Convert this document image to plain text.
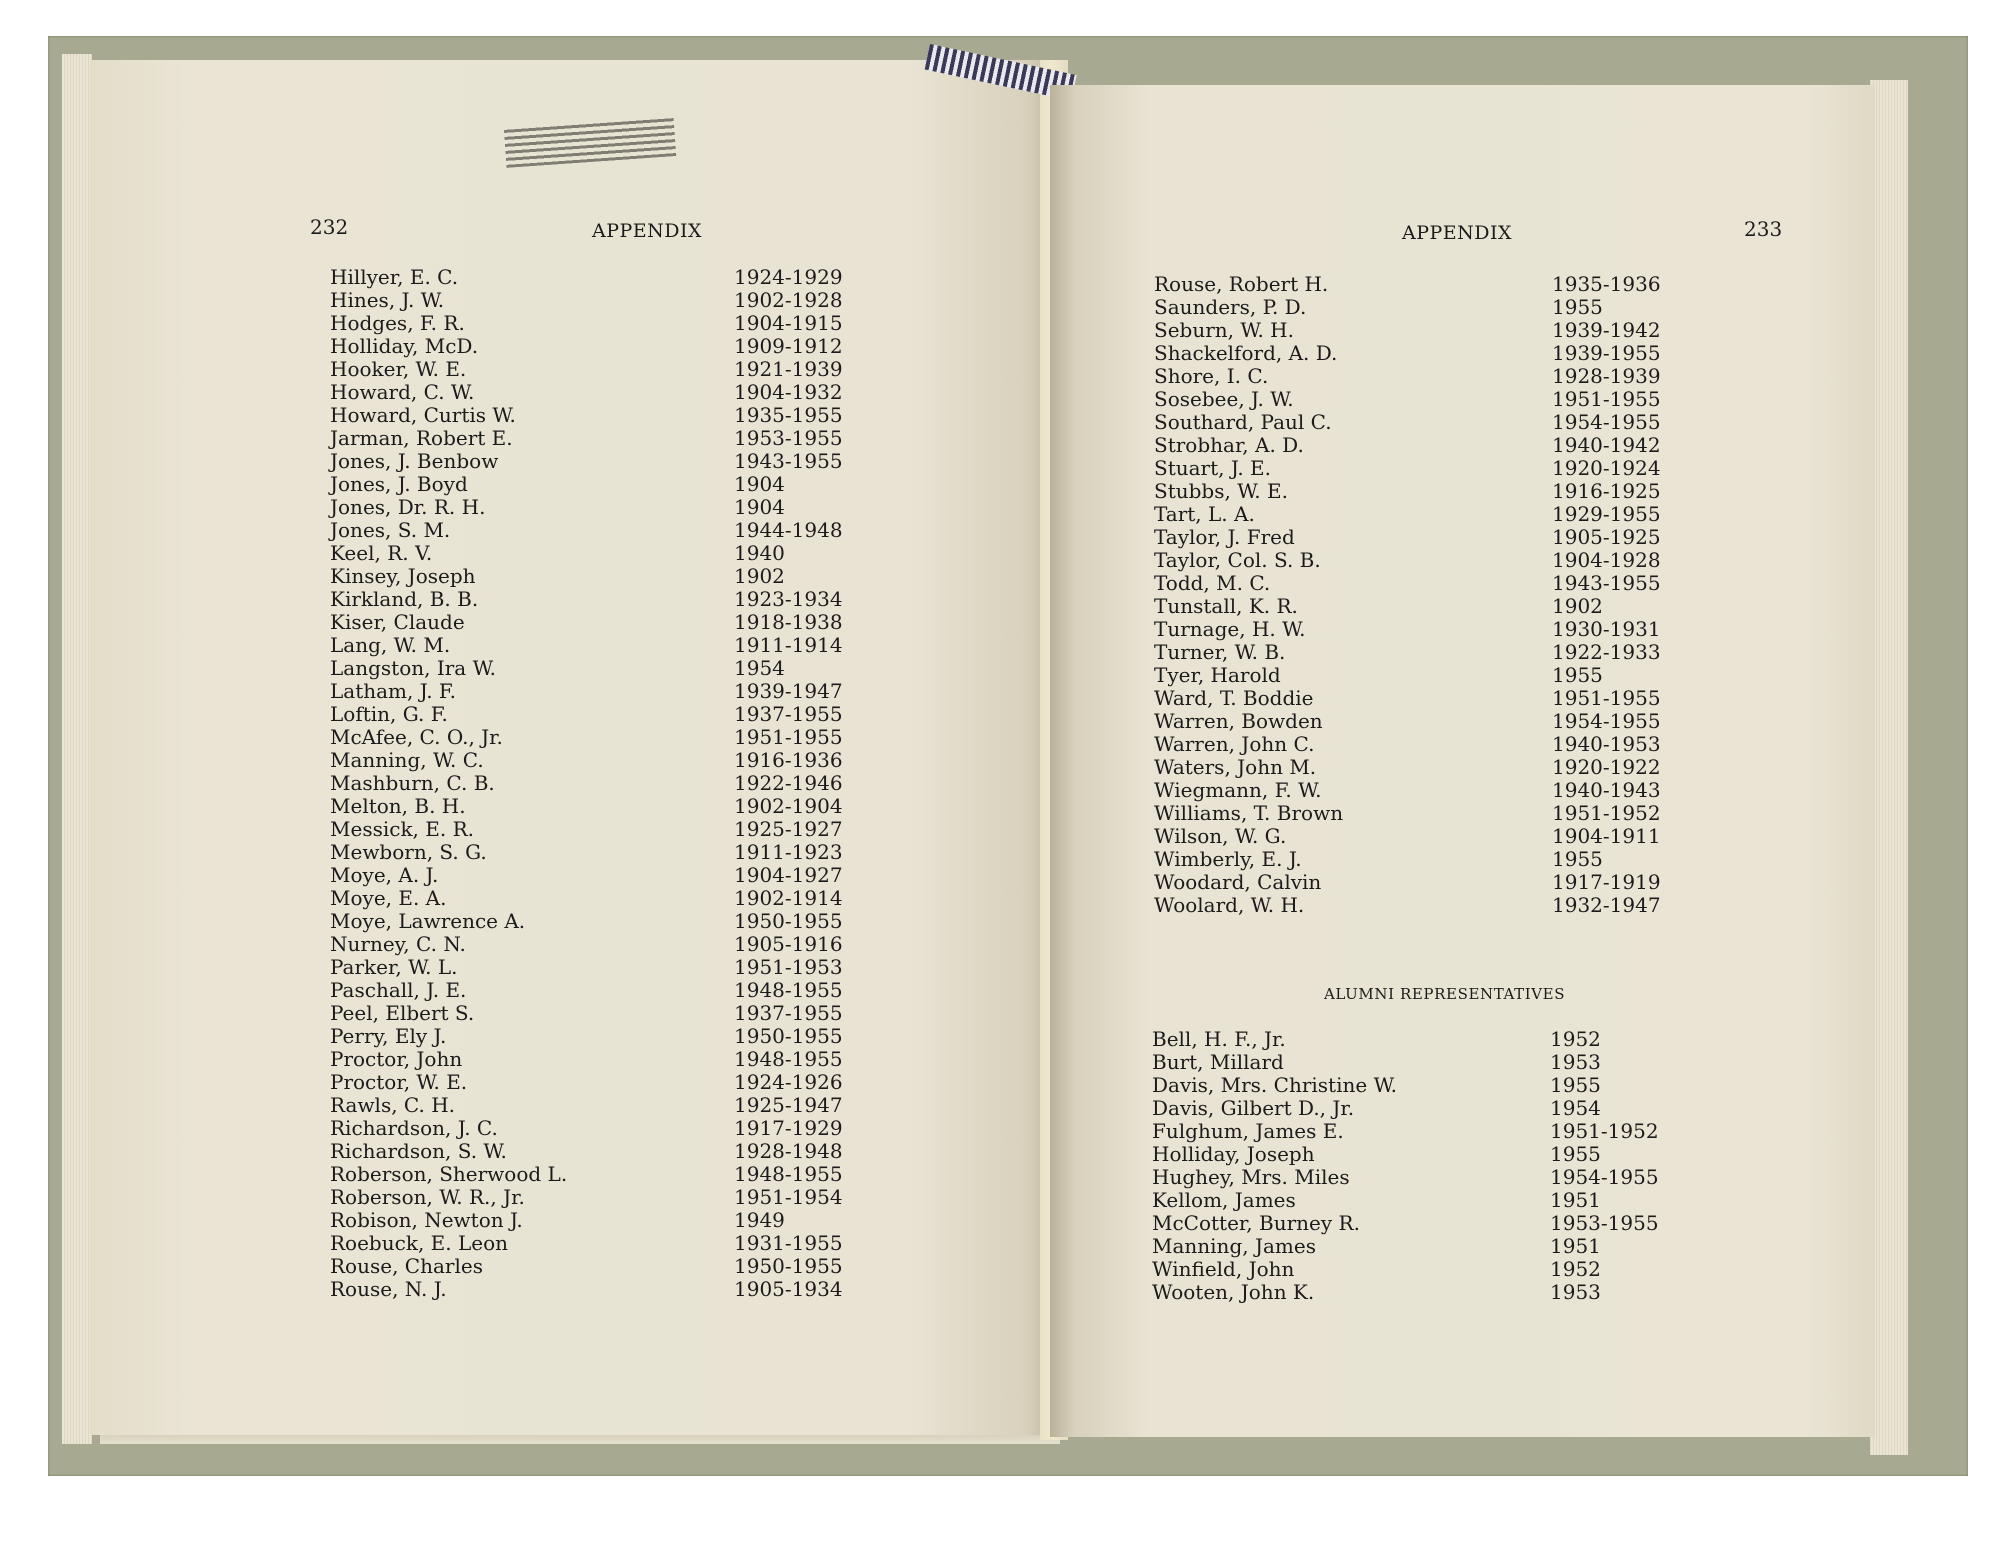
232	APPENDIX
Hillyer, E. C.	1924-1929
Hines, J. W.	1902-1928
Hodges, F. R.	1904-1915
Holliday, McD.	1909-1912
Hooker, W. E.	1921-1939
Howard, C. W.	1904-1932
Howard, Curtis W.	1935-1955
Jarman, Robert E.	1953-1955
Jones, J. Benbow	1943-1955
Jones, J. Boyd	1904
Jones, Dr. R. H.	1904
Jones, S. M.	1944-1948
Keel, R. V.	1940
Kinsey, Joseph	1902
Kirkland, B. B.	1923-1934
Kiser, Claude	1918-1938
Lang, W. M.	1911-1914
Langston, Ira W.	1954
Latham, J. F.	1939-1947
Loftin, G. F.	1937-1955
McAfee, C. O., Jr.	1951-1955
Manning, W. C.	1916-1936
Mashburn, C. B.	1922-1946
Melton, B. H.	1902-1904
Messick, E. R.	1925-1927
Mewborn, S. G.	1911-1923
Moye, A. J.	1904-1927
Moye, E. A.	1902-1914
Moye, Lawrence A.	1950-1955
Nurney, C. N.	1905-1916
Parker, W. L.	1951-1953
Paschall, J. E.	1948-1955
Peel, Elbert S.	1937-1955
Perry, Ely J.	1950-1955
Proctor, John	1948-1955
Proctor, W. E.	1924-1926
Rawls, C. H.	1925-1947
Richardson, J. C.	1917-1929
Richardson, S. W.	1928-1948
Roberson, Sherwood L.	1948-1955
Roberson, W. R., Jr.	1951-1954
Robison, Newton J.	1949
Roebuck, E. Leon	1931-1955
Rouse, Charles	1950-1955
Rouse, N. J.	1905-1934
APPENDIX	233
Rouse, Robert H.	1935-1936
Saunders, P. D.	1955
Seburn, W. H.	1939-1942
Shackelford, A. D.	1939-1955
Shore, I. C.	1928-1939
Sosebee, J. W.	1951-1955
Southard, Paul C.	1954-1955
Strobhar, A. D.	1940-1942
Stuart, J. E.	1920-1924
Stubbs, W. E.	1916-1925
Tart, L. A.	1929-1955
Taylor, J. Fred	1905-1925
Taylor, Col. S. B.	1904-1928
Todd, M. C.	1943-1955
Tunstall, K. R.	1902
Turnage, H. W.	1930-1931
Turner, W. B.	1922-1933
Tyer, Harold	1955
Ward, T. Boddie	1951-1955
Warren, Bowden	1954-1955
Warren, John C.	1940-1953
Waters, John M.	1920-1922
Wiegmann, F. W.	1940-1943
Williams, T. Brown	1951-1952
Wilson, W. G.	1904-1911
Wimberly, E. J.	1955
Woodard, Calvin	1917-1919
Woolard, W. H.	1932-1947
ALUMNI REPRESENTATIVES
Bell, H. F., Jr.	1952
Burt, Millard	1953
Davis, Mrs. Christine W.	1955
Davis, Gilbert D., Jr.	1954
Fulghum, James E.	1951-1952
Holliday, Joseph	1955
Hughey, Mrs. Miles	1954-1955
Kellom, James	1951
McCotter, Burney R.	1953-1955
Manning, James	1951
Winfield, John	1952
Wooten, John K.	1953
